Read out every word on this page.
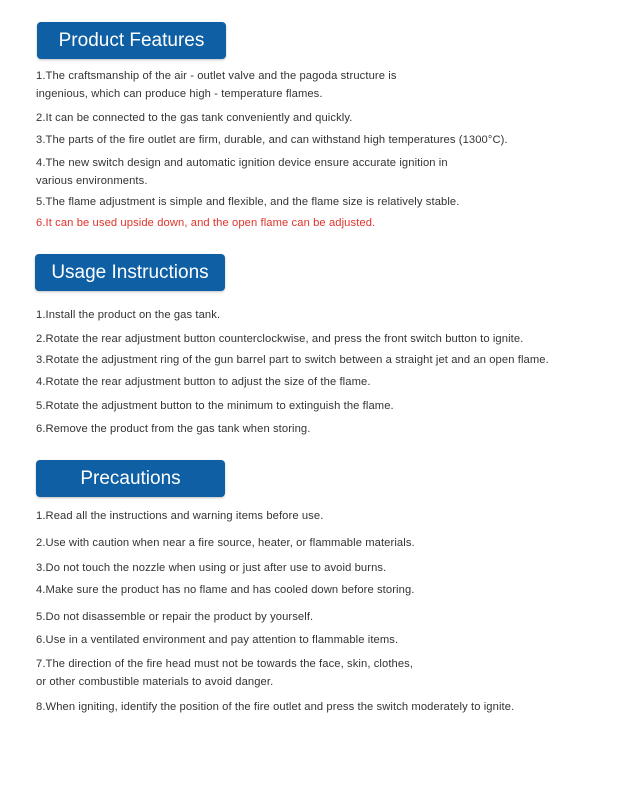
Product Features
1.The craftsmanship of the air - outlet valve and the pagoda structure is
ingenious, which can produce high - temperature flames.
2.It can be connected to the gas tank conveniently and quickly.
3.The parts of the fire outlet are firm, durable, and can withstand high temperatures (1300°C).
4.The new switch design and automatic ignition device ensure accurate ignition in
various environments.
5.The flame adjustment is simple and flexible, and the flame size is relatively stable.
6.It can be used upside down, and the open flame can be adjusted.
Usage Instructions
1.Install the product on the gas tank.
2.Rotate the rear adjustment button counterclockwise, and press the front switch button to ignite.
3.Rotate the adjustment ring of the gun barrel part to switch between a straight jet and an open flame.
4.Rotate the rear adjustment button to adjust the size of the flame.
5.Rotate the adjustment button to the minimum to extinguish the flame.
6.Remove the product from the gas tank when storing.
Precautions
1.Read all the instructions and warning items before use.
2.Use with caution when near a fire source, heater, or flammable materials.
3.Do not touch the nozzle when using or just after use to avoid burns.
4.Make sure the product has no flame and has cooled down before storing.
5.Do not disassemble or repair the product by yourself.
6.Use in a ventilated environment and pay attention to flammable items.
7.The direction of the fire head must not be towards the face, skin, clothes,
or other combustible materials to avoid danger.
8.When igniting, identify the position of the fire outlet and press the switch moderately to ignite.
